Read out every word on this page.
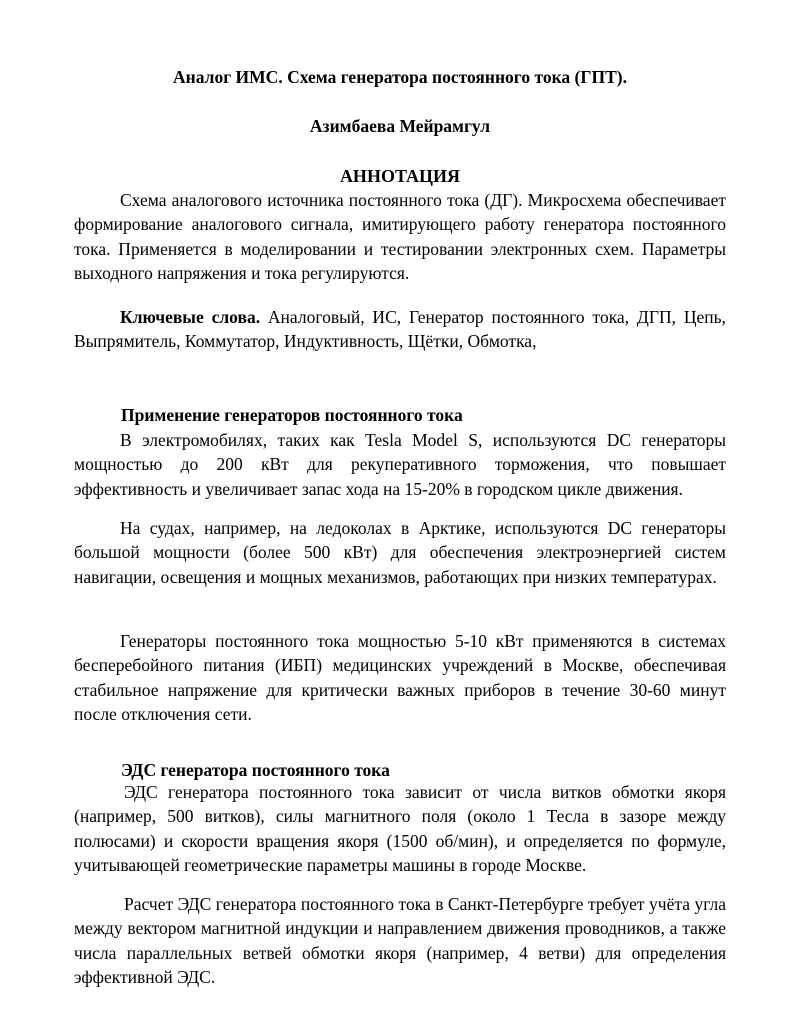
Аналог ИМС. Схема генератора постоянного тока (ГПТ).

Азимбаева Мейрамгул

АННОТАЦИЯ

Схема аналогового источника постоянного тока (ДГ). Микросхема обеспечивает формирование аналогового сигнала, имитирующего работу генератора постоянного тока. Применяется в моделировании и тестировании электронных схем. Параметры выходного напряжения и тока регулируются.

Ключевые слова. Аналоговый, ИС, Генератор постоянного тока, ДГП, Цепь, Выпрямитель, Коммутатор, Индуктивность, Щётки, Обмотка,

Применение генераторов постоянного тока

В электромобилях, таких как Tesla Model S, используются DC генераторы мощностью до 200 кВт для рекуперативного торможения, что повышает эффективность и увеличивает запас хода на 15-20% в городском цикле движения.

На судах, например, на ледоколах в Арктике, используются DC генераторы большой мощности (более 500 кВт) для обеспечения электроэнергией систем навигации, освещения и мощных механизмов, работающих при низких температурах.

Генераторы постоянного тока мощностью 5-10 кВт применяются в системах бесперебойного питания (ИБП) медицинских учреждений в Москве, обеспечивая стабильное напряжение для критически важных приборов в течение 30-60 минут после отключения сети.

ЭДС генератора постоянного тока

ЭДС генератора постоянного тока зависит от числа витков обмотки якоря (например, 500 витков), силы магнитного поля (около 1 Тесла в зазоре между полюсами) и скорости вращения якоря (1500 об/мин), и определяется по формуле, учитывающей геометрические параметры машины в городе Москве.

Расчет ЭДС генератора постоянного тока в Санкт-Петербурге требует учёта угла между вектором магнитной индукции и направлением движения проводников, а также числа параллельных ветвей обмотки якоря (например, 4 ветви) для определения эффективной ЭДС.
